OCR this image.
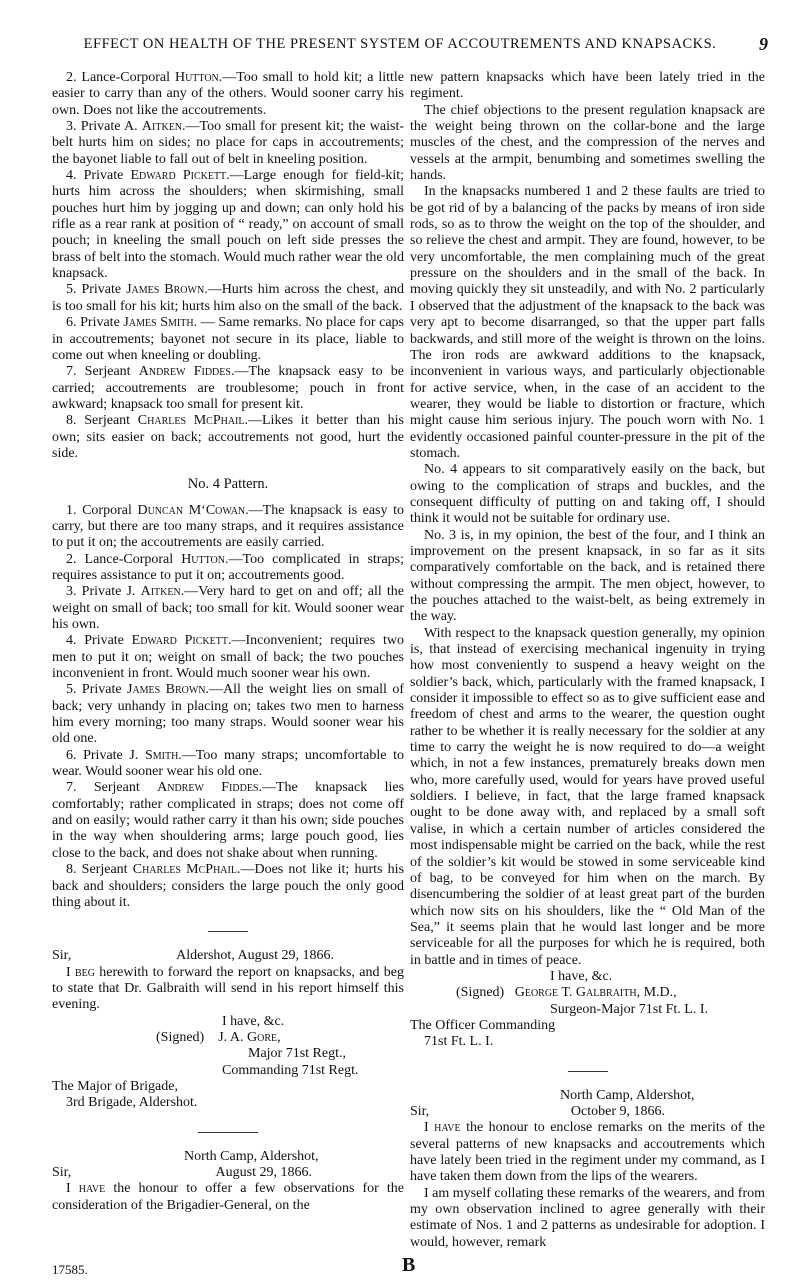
EFFECT ON HEALTH OF THE PRESENT SYSTEM OF ACCOUTREMENTS AND KNAPSACKS.	9

2. Lance-Corporal Hutton.—Too small to hold kit; a little easier to carry than any of the others. Would sooner carry his own. Does not like the accoutrements.

3. Private A. Aitken.—Too small for present kit; the waist-belt hurts him on sides; no place for caps in accoutrements; the bayonet liable to fall out of belt in kneeling position.

4. Private Edward Pickett.—Large enough for field-kit; hurts him across the shoulders; when skirmishing, small pouches hurt him by jogging up and down; can only hold his rifle as a rear rank at position of “ ready,” on account of small pouch; in kneeling the small pouch on left side presses the brass of belt into the stomach. Would much rather wear the old knapsack.

5. Private James Brown.—Hurts him across the chest, and is too small for his kit; hurts him also on the small of the back.

6. Private James Smith. — Same remarks. No place for caps in accoutrements; bayonet not secure in its place, liable to come out when kneeling or doubling.

7. Serjeant Andrew Fiddes.—The knapsack easy to be carried; accoutrements are troublesome; pouch in front awkward; knapsack too small for present kit.

8. Serjeant Charles McPhail.—Likes it better than his own; sits easier on back; accoutrements not good, hurt the side.

No. 4 Pattern.

1. Corporal Duncan M‘Cowan.—The knapsack is easy to carry, but there are too many straps, and it requires assistance to put it on; the accoutrements are easily carried.

2. Lance-Corporal Hutton.—Too complicated in straps; requires assistance to put it on; accoutrements good.

3. Private J. Aitken.—Very hard to get on and off; all the weight on small of back; too small for kit. Would sooner wear his own.

4. Private Edward Pickett.—Inconvenient; requires two men to put it on; weight on small of back; the two pouches inconvenient in front. Would much sooner wear his own.

5. Private James Brown.—All the weight lies on small of back; very unhandy in placing on; takes two men to harness him every morning; too many straps. Would sooner wear his old one.

6. Private J. Smith.—Too many straps; uncomfortable to wear. Would sooner wear his old one.

7. Serjeant Andrew Fiddes.—The knapsack lies comfortably; rather complicated in straps; does not come off and on easily; would rather carry it than his own; side pouches in the way when shouldering arms; large pouch good, lies close to the back, and does not shake about when running.

8. Serjeant Charles McPhail.—Does not like it; hurts his back and shoulders; considers the large pouch the only good thing about it.

Sir,	Aldershot, August 29, 1866.

I beg herewith to forward the report on knapsacks, and beg to state that Dr. Galbraith will send in his report himself this evening.

I have, &c.

(Signed) J. A. Gore,

Major 71st Regt.,

Commanding 71st Regt.

The Major of Brigade,

3rd Brigade, Aldershot.

North Camp, Aldershot,

Sir,	August 29, 1866.

I have the honour to offer a few observations for the consideration of the Brigadier-General, on the

new pattern knapsacks which have been lately tried in the regiment.

The chief objections to the present regulation knapsack are the weight being thrown on the collar-bone and the large muscles of the chest, and the compression of the nerves and vessels at the armpit, benumbing and sometimes swelling the hands.

In the knapsacks numbered 1 and 2 these faults are tried to be got rid of by a balancing of the packs by means of iron side rods, so as to throw the weight on the top of the shoulder, and so relieve the chest and armpit. They are found, however, to be very uncomfortable, the men complaining much of the great pressure on the shoulders and in the small of the back. In moving quickly they sit unsteadily, and with No. 2 particularly I observed that the adjustment of the knapsack to the back was very apt to become disarranged, so that the upper part falls backwards, and still more of the weight is thrown on the loins. The iron rods are awkward additions to the knapsack, inconvenient in various ways, and particularly objectionable for active service, when, in the case of an accident to the wearer, they would be liable to distortion or fracture, which might cause him serious injury. The pouch worn with No. 1 evidently occasioned painful counter-pressure in the pit of the stomach.

No. 4 appears to sit comparatively easily on the back, but owing to the complication of straps and buckles, and the consequent difficulty of putting on and taking off, I should think it would not be suitable for ordinary use.

No. 3 is, in my opinion, the best of the four, and I think an improvement on the present knapsack, in so far as it sits comparatively comfortable on the back, and is retained there without compressing the armpit. The men object, however, to the pouches attached to the waist-belt, as being extremely in the way.

With respect to the knapsack question generally, my opinion is, that instead of exercising mechanical ingenuity in trying how most conveniently to suspend a heavy weight on the soldier’s back, which, particularly with the framed knapsack, I consider it impossible to effect so as to give sufficient ease and freedom of chest and arms to the wearer, the question ought rather to be whether it is really necessary for the soldier at any time to carry the weight he is now required to do—a weight which, in not a few instances, prematurely breaks down men who, more carefully used, would for years have proved useful soldiers. I believe, in fact, that the large framed knapsack ought to be done away with, and replaced by a small soft valise, in which a certain number of articles considered the most indispensable might be carried on the back, while the rest of the soldier’s kit would be stowed in some serviceable kind of bag, to be conveyed for him when on the march. By disencumbering the soldier of at least great part of the burden which now sits on his shoulders, like the “ Old Man of the Sea,” it seems plain that he would last longer and be more serviceable for all the purposes for which he is required, both in battle and in times of peace.

I have, &c.

(Signed) George T. Galbraith, M.D.,

Surgeon-Major 71st Ft. L. I.

The Officer Commanding

71st Ft. L. I.

North Camp, Aldershot,

Sir,	October 9, 1866.

I have the honour to enclose remarks on the merits of the several patterns of new knapsacks and accoutrements which have lately been tried in the regiment under my command, as I have taken them down from the lips of the wearers.

I am myself collating these remarks of the wearers, and from my own observation inclined to agree generally with their estimate of Nos. 1 and 2 patterns as undesirable for adoption. I would, however, remark

17585.	B
